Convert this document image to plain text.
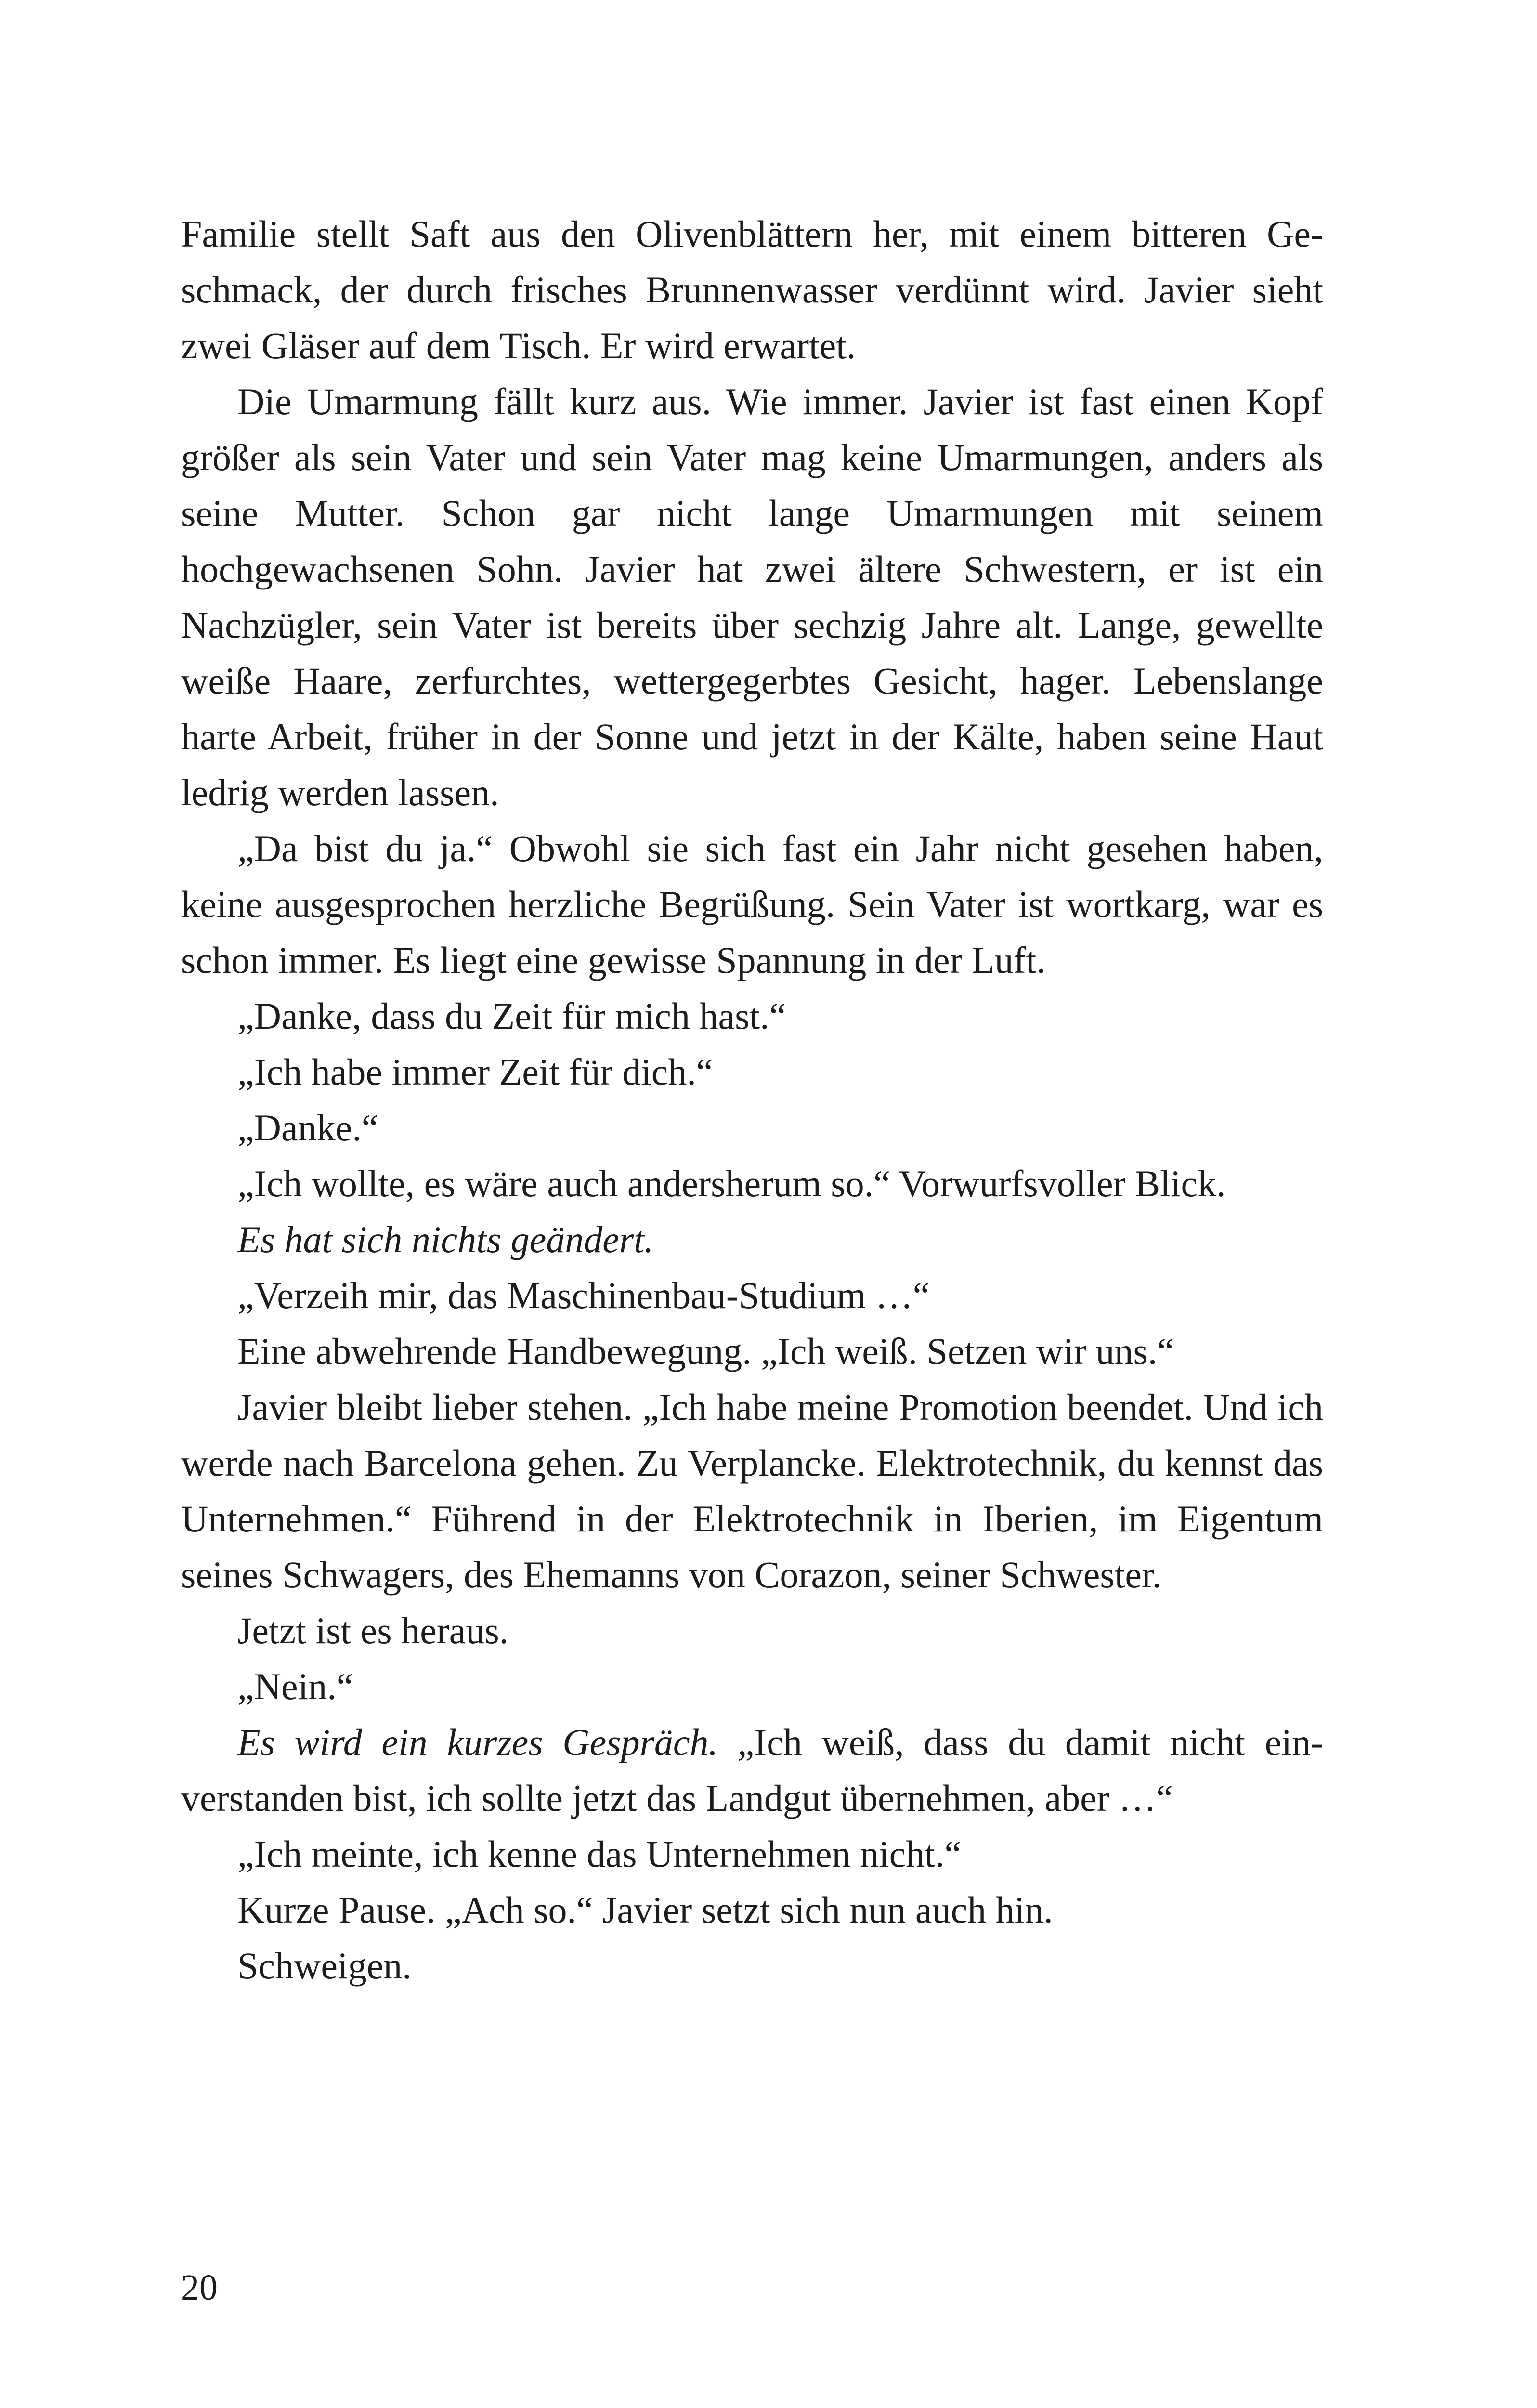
Familie stellt Saft aus den Olivenblättern her, mit einem bitteren Geschmack, der durch frisches Brunnenwasser verdünnt wird. Javier sieht zwei Gläser auf dem Tisch. Er wird erwartet.

Die Umarmung fällt kurz aus. Wie immer. Javier ist fast einen Kopf größer als sein Vater und sein Vater mag keine Umarmungen, anders als seine Mutter. Schon gar nicht lange Umarmungen mit seinem hochgewachsenen Sohn. Javier hat zwei ältere Schwestern, er ist ein Nachzügler, sein Vater ist bereits über sechzig Jahre alt. Lange, gewellte weiße Haare, zerfurchtes, wettergegerbtes Gesicht, hager. Lebenslange harte Arbeit, früher in der Sonne und jetzt in der Kälte, haben seine Haut ledrig werden lassen.

„Da bist du ja.“ Obwohl sie sich fast ein Jahr nicht gesehen haben, keine ausgesprochen herzliche Begrüßung. Sein Vater ist wortkarg, war es schon immer. Es liegt eine gewisse Spannung in der Luft.

„Danke, dass du Zeit für mich hast.“

„Ich habe immer Zeit für dich.“

„Danke.“

„Ich wollte, es wäre auch andersherum so.“ Vorwurfsvoller Blick.

Es hat sich nichts geändert.

„Verzeih mir, das Maschinenbau-Studium …“

Eine abwehrende Handbewegung. „Ich weiß. Setzen wir uns.“

Javier bleibt lieber stehen. „Ich habe meine Promotion beendet. Und ich werde nach Barcelona gehen. Zu Verplancke. Elektrotechnik, du kennst das Unternehmen.“ Führend in der Elektrotechnik in Iberien, im Eigentum seines Schwagers, des Ehemanns von Corazon, seiner Schwester.

Jetzt ist es heraus.

„Nein.“

Es wird ein kurzes Gespräch. „Ich weiß, dass du damit nicht einverstanden bist, ich sollte jetzt das Landgut übernehmen, aber …“

„Ich meinte, ich kenne das Unternehmen nicht.“

Kurze Pause. „Ach so.“ Javier setzt sich nun auch hin.

Schweigen.

20
